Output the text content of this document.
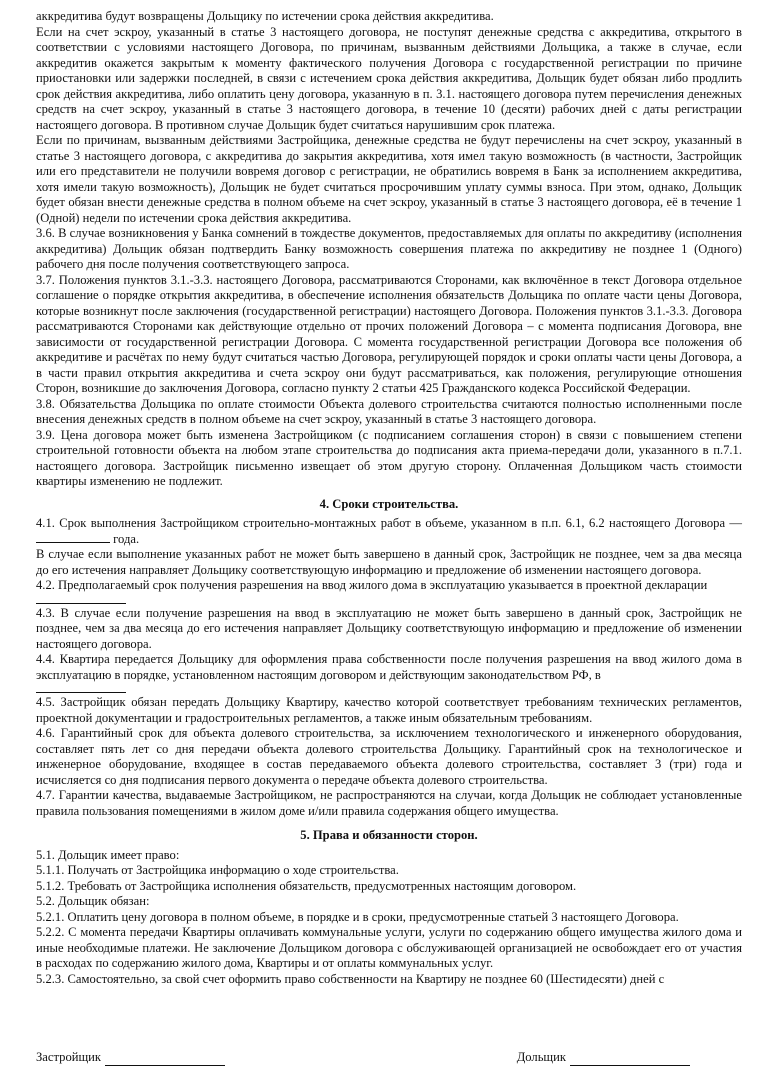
аккредитива будут возвращены Дольщику по истечении срока действия аккредитива.

Если на счет эскроу, указанный в статье 3 настоящего договора, не поступят денежные средства с аккредитива, открытого в соответствии с условиями настоящего Договора, по причинам, вызванным действиями Дольщика, а также в случае, если аккредитив окажется закрытым к моменту фактического получения Договора с государственной регистрации по причине приостановки или задержки последней, в связи с истечением срока действия аккредитива, Дольщик будет обязан либо продлить срок действия аккредитива, либо оплатить цену договора, указанную в п. 3.1. настоящего договора путем перечисления денежных средств на счет эскроу, указанный в статье 3 настоящего договора, в течение 10 (десяти) рабочих дней с даты регистрации настоящего договора. В противном случае Дольщик будет считаться нарушившим срок платежа.

Если по причинам, вызванным действиями Застройщика, денежные средства не будут перечислены на счет эскроу, указанный в статье 3 настоящего договора, с аккредитива до закрытия аккредитива, хотя имел такую возможность (в частности, Застройщик или его представители не получили вовремя договор с регистрации, не обратились вовремя в Банк за исполнением аккредитива, хотя имели такую возможность), Дольщик не будет считаться просрочившим уплату суммы взноса. При этом, однако, Дольщик будет обязан внести денежные средства в полном объеме на счет эскроу, указанный в статье 3 настоящего договора, её в течение 1 (Одной) недели по истечении срока действия аккредитива.

3.6. В случае возникновения у Банка сомнений в тождестве документов, предоставляемых для оплаты по аккредитиву (исполнения аккредитива) Дольщик обязан подтвердить Банку возможность совершения платежа по аккредитиву не позднее 1 (Одного) рабочего дня после получения соответствующего запроса.

3.7. Положения пунктов 3.1.-3.3. настоящего Договора, рассматриваются Сторонами, как включённое в текст Договора отдельное соглашение о порядке открытия аккредитива, в обеспечение исполнения обязательств Дольщика по оплате части цены Договора, которые возникнут после заключения (государственной регистрации) настоящего Договора. Положения пунктов 3.1.-3.3. Договора рассматриваются Сторонами как действующие отдельно от прочих положений Договора – с момента подписания Договора, вне зависимости от государственной регистрации Договора. С момента государственной регистрации Договора все положения об аккредитиве и расчётах по нему будут считаться частью Договора, регулирующей порядок и сроки оплаты части цены Договора, а в части правил открытия аккредитива и счета эскроу они будут рассматриваться, как положения, регулирующие отношения Сторон, возникшие до заключения Договора, согласно пункту 2 статьи 425 Гражданского кодекса Российской Федерации.

3.8. Обязательства Дольщика по оплате стоимости Объекта долевого строительства считаются полностью исполненными после внесения денежных средств в полном объеме на счет эскроу, указанный в статье 3 настоящего договора.

3.9. Цена договора может быть изменена Застройщиком (с подписанием соглашения сторон) в связи с повышением степени строительной готовности объекта на любом этапе строительства до подписания акта приема-передачи доли, указанного в п.7.1. настоящего договора. Застройщик письменно извещает об этом другую сторону. Оплаченная Дольщиком часть стоимости квартиры изменению не подлежит.

4. Сроки строительства.

4.1. Срок выполнения Застройщиком строительно-монтажных работ в объеме, указанном в п.п. 6.1, 6.2 настоящего Договора —  года.

В случае если выполнение указанных работ не может быть завершено в данный срок, Застройщик не позднее, чем за два месяца до его истечения направляет Дольщику соответствующую информацию и предложение об изменении настоящего договора.

4.2. Предполагаемый срок получения разрешения на ввод жилого дома в эксплуатацию указывается в проектной декларации

4.3. В случае если получение разрешения на ввод в эксплуатацию не может быть завершено в данный срок, Застройщик не позднее, чем за два месяца до его истечения направляет Дольщику соответствующую информацию и предложение об изменении настоящего договора.

4.4. Квартира передается Дольщику для оформления права собственности после получения разрешения на ввод жилого дома в эксплуатацию в порядке, установленном настоящим договором и действующим законодательством РФ, в

4.5. Застройщик обязан передать Дольщику Квартиру, качество которой соответствует требованиям технических регламентов, проектной документации и градостроительных регламентов, а также иным обязательным требованиям.

4.6. Гарантийный срок для объекта долевого строительства, за исключением технологического и инженерного оборудования, составляет пять лет со дня передачи объекта долевого строительства Дольщику. Гарантийный срок на технологическое и инженерное оборудование, входящее в состав передаваемого объекта долевого строительства, составляет 3 (три) года и исчисляется со дня подписания первого документа о передаче объекта долевого строительства.

4.7. Гарантии качества, выдаваемые Застройщиком, не распространяются на случаи, когда Дольщик не соблюдает установленные правила пользования помещениями в жилом доме и/или правила содержания общего имущества.

5. Права и обязанности сторон.

5.1. Дольщик имеет право:

5.1.1. Получать от Застройщика информацию о ходе строительства.

5.1.2. Требовать от Застройщика исполнения обязательств, предусмотренных настоящим договором.

5.2. Дольщик обязан:

5.2.1. Оплатить цену договора в полном объеме, в порядке и в сроки, предусмотренные статьей 3 настоящего Договора.

5.2.2. С момента передачи Квартиры оплачивать коммунальные услуги, услуги по содержанию общего имущества жилого дома и иные необходимые платежи. Не заключение Дольщиком договора с обслуживающей организацией не освобождает его от участия в расходах по содержанию жилого дома, Квартиры и от оплаты коммунальных услуг.

5.2.3. Самостоятельно, за свой счет оформить право собственности на Квартиру не позднее 60 (Шестидесяти) дней с

Застройщик	Дольщик
